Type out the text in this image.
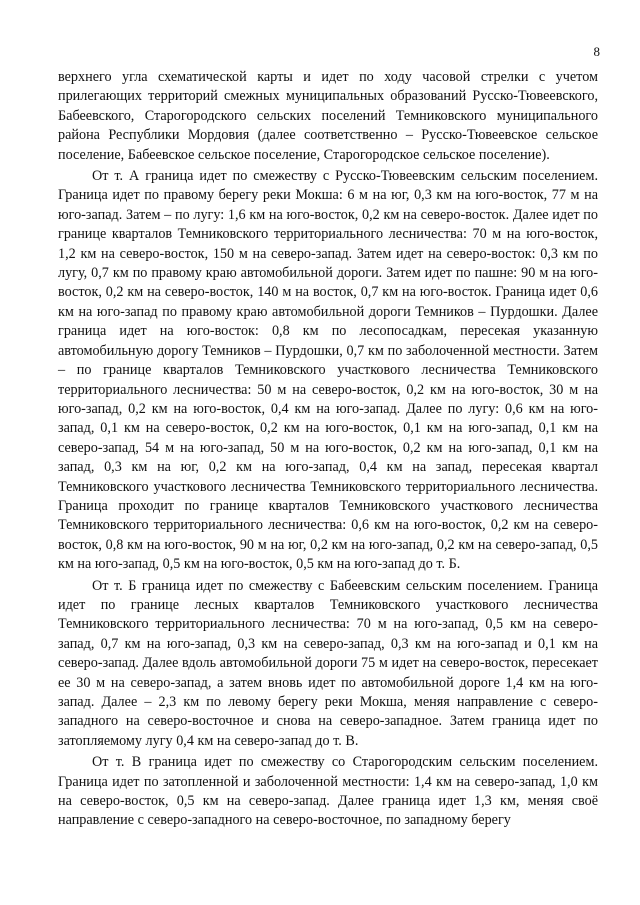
8

верхнего угла схематической карты и идет по ходу часовой стрелки с учетом прилегающих территорий смежных муниципальных образований Русско-Тювеевского, Бабеевского, Старогородского сельских поселений Темниковского муниципального района Республики Мордовия (далее соответственно – Русско-Тювеевское сельское поселение, Бабеевское сельское поселение, Старогородское сельское поселение).

От т. А граница идет по смежеству с Русско-Тювеевским сельским поселением. Граница идет по правому берегу реки Мокша: 6 м на юг, 0,3 км на юго-восток, 77 м на юго-запад. Затем – по лугу: 1,6 км на юго-восток, 0,2 км на северо-восток. Далее идет по границе кварталов Темниковского территориального лесничества: 70 м на юго-восток, 1,2 км на северо-восток, 150 м на северо-запад. Затем идет на северо-восток: 0,3 км по лугу, 0,7 км по правому краю автомобильной дороги. Затем идет по пашне: 90 м на юго-восток, 0,2 км на северо-восток, 140 м на восток, 0,7 км на юго-восток. Граница идет 0,6 км на юго-запад по правому краю автомобильной дороги Темников – Пурдошки. Далее граница идет на юго-восток: 0,8 км по лесопосадкам, пересекая указанную автомобильную дорогу Темников – Пурдошки, 0,7 км по заболоченной местности. Затем – по границе кварталов Темниковского участкового лесничества Темниковского территориального лесничества: 50 м на северо-восток, 0,2 км на юго-восток, 30 м на юго-запад, 0,2 км на юго-восток, 0,4 км на юго-запад. Далее по лугу: 0,6 км на юго-запад, 0,1 км на северо-восток, 0,2 км на юго-восток, 0,1 км на юго-запад, 0,1 км на северо-запад, 54 м на юго-запад, 50 м на юго-восток, 0,2 км на юго-запад, 0,1 км на запад, 0,3 км на юг, 0,2 км на юго-запад, 0,4 км на запад, пересекая квартал Темниковского участкового лесничества Темниковского территориального лесничества. Граница проходит по границе кварталов Темниковского участкового лесничества Темниковского территориального лесничества: 0,6 км на юго-восток, 0,2 км на северо-восток, 0,8 км на юго-восток, 90 м на юг, 0,2 км на юго-запад, 0,2 км на северо-запад, 0,5 км на юго-запад, 0,5 км на юго-восток, 0,5 км на юго-запад до т. Б.

От т. Б граница идет по смежеству с Бабеевским сельским поселением. Граница идет по границе лесных кварталов Темниковского участкового лесничества Темниковского территориального лесничества: 70 м на юго-запад, 0,5 км на северо-запад, 0,7 км на юго-запад, 0,3 км на северо-запад, 0,3 км на юго-запад и 0,1 км на северо-запад. Далее вдоль автомобильной дороги 75 м идет на северо-восток, пересекает ее 30 м на северо-запад, а затем вновь идет по автомобильной дороге 1,4 км на юго-запад. Далее – 2,3 км по левому берегу реки Мокша, меняя направление с северо-западного на северо-восточное и снова на северо-западное. Затем граница идет по затопляемому лугу 0,4 км на северо-запад до т. В.

От т. В граница идет по смежеству со Старогородским сельским поселением. Граница идет по затопленной и заболоченной местности: 1,4 км на северо-запад, 1,0 км на северо-восток, 0,5 км на северо-запад. Далее граница идет 1,3 км, меняя своё направление с северо-западного на северо-восточное, по западному берегу
